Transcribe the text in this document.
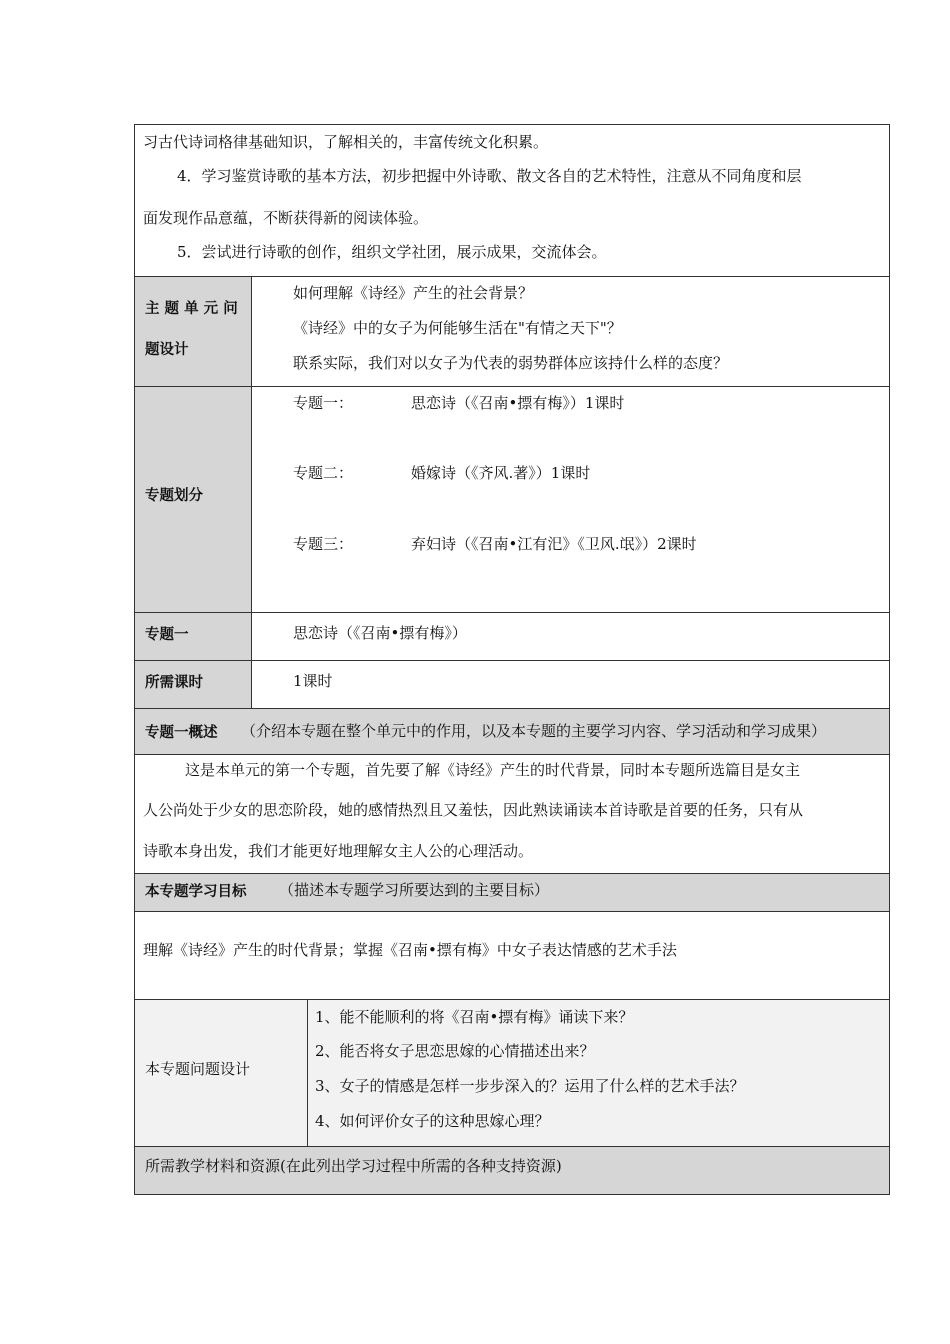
习古代诗词格律基础知识，了解相关的，丰富传统文化积累。
4．学习鉴赏诗歌的基本方法，初步把握中外诗歌、散文各自的艺术特性，注意从不同角度和层
面发现作品意蕴，不断获得新的阅读体验。
5．尝试进行诗歌的创作，组织文学社团，展示成果，交流体会。
主 题 单 元 问
题设计
如何理解《诗经》产生的社会背景？
《诗经》中的女子为何能够生活在"有情之天下"？
联系实际，我们对以女子为代表的弱势群体应该持什么样的态度？
专题划分
专题一：	思恋诗（《召南•摽有梅》）1课时
专题二：	婚嫁诗（《齐风.著》）1课时
专题三：	弃妇诗（《召南•江有汜》《卫风.氓》）2课时
专题一	思恋诗（《召南•摽有梅》）
所需课时	1课时
专题一概述 （介绍本专题在整个单元中的作用，以及本专题的主要学习内容、学习活动和学习成果）
这是本单元的第一个专题，首先要了解《诗经》产生的时代背景，同时本专题所选篇目是女主
人公尚处于少女的思恋阶段，她的感情热烈且又羞怯，因此熟读诵读本首诗歌是首要的任务，只有从
诗歌本身出发，我们才能更好地理解女主人公的心理活动。
本专题学习目标 （描述本专题学习所要达到的主要目标）
理解《诗经》产生的时代背景；掌握《召南•摽有梅》中女子表达情感的艺术手法
本专题问题设计
1、能不能顺利的将《召南•摽有梅》诵读下来？
2、能否将女子思恋思嫁的心情描述出来？
3、女子的情感是怎样一步步深入的？运用了什么样的艺术手法？
4、如何评价女子的这种思嫁心理？
所需教学材料和资源(在此列出学习过程中所需的各种支持资源)
